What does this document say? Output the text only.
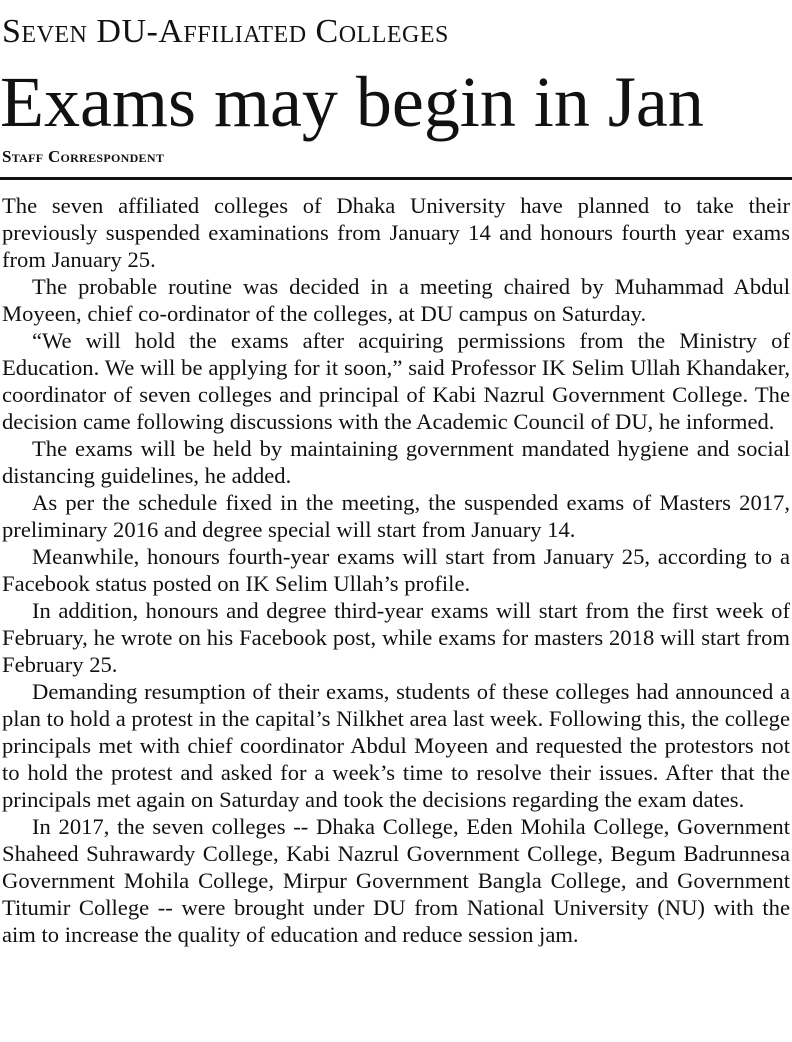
Seven DU-Affiliated Colleges
Exams may begin in Jan
Staff Correspondent

The seven affiliated colleges of Dhaka University have planned to take their previously suspended examinations from January 14 and honours fourth year exams from January 25.

The probable routine was decided in a meeting chaired by Muhammad Abdul Moyeen, chief co-ordinator of the colleges, at DU campus on Saturday.

“We will hold the exams after acquiring permissions from the Ministry of Education. We will be applying for it soon,” said Professor IK Selim Ullah Khandaker, coordinator of seven colleges and principal of Kabi Nazrul Government College. The decision came following discussions with the Academic Council of DU, he informed.

The exams will be held by maintaining government mandated hygiene and social distancing guidelines, he added.

As per the schedule fixed in the meeting, the suspended exams of Masters 2017, preliminary 2016 and degree special will start from January 14.

Meanwhile, honours fourth-year exams will start from January 25, according to a Facebook status posted on IK Selim Ullah’s profile.

In addition, honours and degree third-year exams will start from the first week of February, he wrote on his Facebook post, while exams for masters 2018 will start from February 25.

Demanding resumption of their exams, students of these colleges had announced a plan to hold a protest in the capital’s Nilkhet area last week. Following this, the college principals met with chief coordinator Abdul Moyeen and requested the protestors not to hold the protest and asked for a week’s time to resolve their issues. After that the principals met again on Saturday and took the decisions regarding the exam dates.

In 2017, the seven colleges -- Dhaka College, Eden Mohila College, Government Shaheed Suhrawardy College, Kabi Nazrul Government College, Begum Badrunnesa Government Mohila College, Mirpur Government Bangla College, and Government Titumir College -- were brought under DU from National University (NU) with the aim to increase the quality of education and reduce session jam.
